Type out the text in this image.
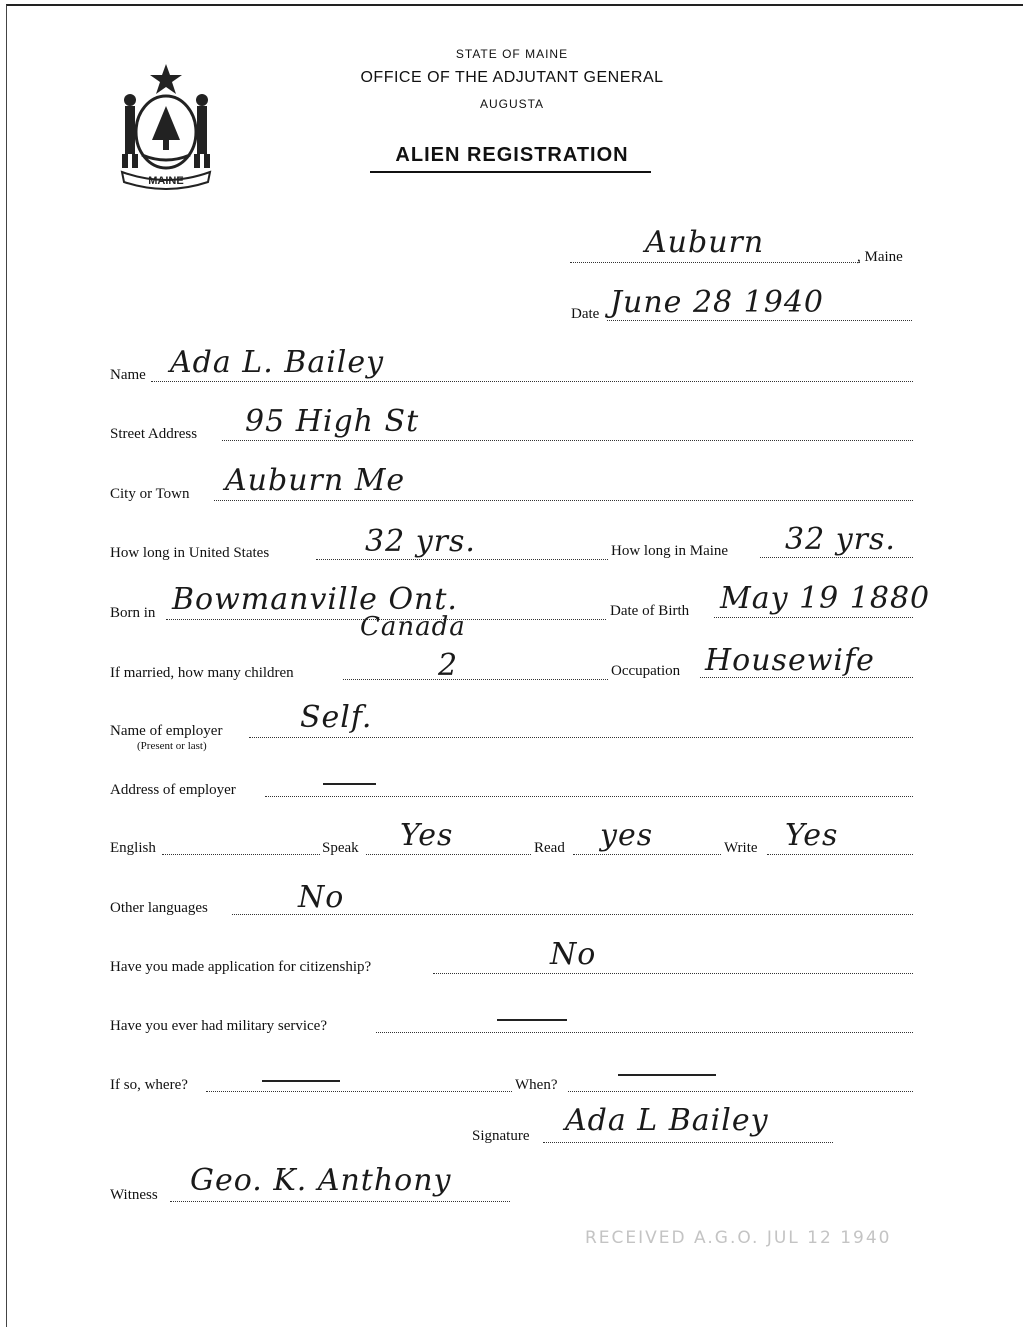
MAINE
STATE OF MAINE
OFFICE OF THE ADJUTANT GENERAL
AUGUSTA
ALIEN REGISTRATION
Auburn	, Maine
Date June 28 1940
Name Ada L. Bailey
Street Address 95 High St
City or Town Auburn Me
How long in United States	32 yrs.	How long in Maine 32 yrs.
Born in Bowmanville Ont.
Canada
Date of Birth May 19 1880
If married, how many children	2	Occupation Housewife
Name of employer
(Present or last)
Self.
Address of employer
English	Speak Yes	Read yes	Write Yes
Other languages	No
Have you made application for citizenship?	No
Have you ever had military service?
If so, where?	When?
Signature Ada L Bailey
Witness Geo. K. Anthony
RECEIVED A.G.O. JUL 12 1940
